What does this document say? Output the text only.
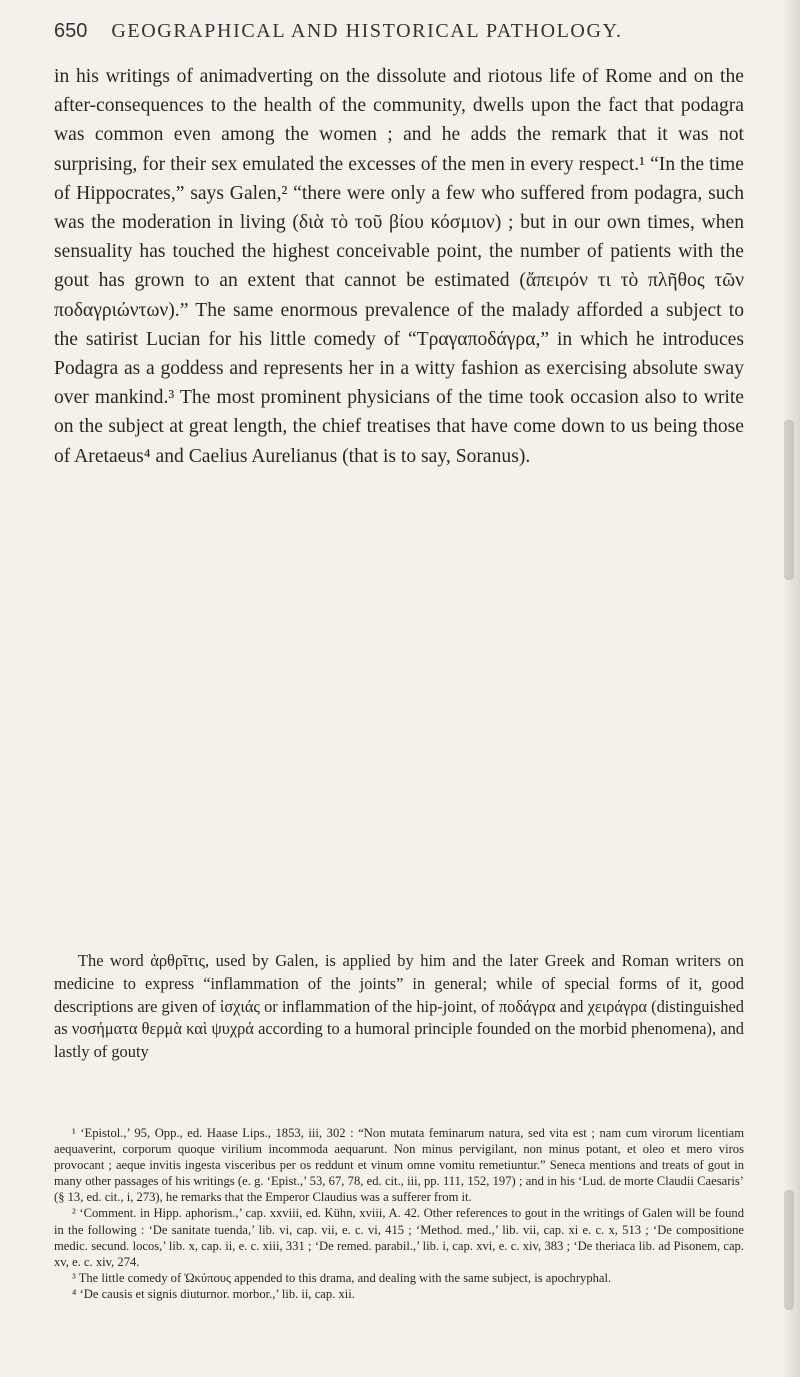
650 GEOGRAPHICAL AND HISTORICAL PATHOLOGY.

in his writings of animadverting on the dissolute and riotous life of Rome and on the after-consequences to the health of the community, dwells upon the fact that podagra was common even among the women ; and he adds the remark that it was not surprising, for their sex emulated the excesses of the men in every respect.¹ “In the time of Hippocrates,” says Galen,² “there were only a few who suffered from podagra, such was the moderation in living (διὰ τὸ τοῦ βίου κόσμιον) ; but in our own times, when sensuality has touched the highest conceivable point, the number of patients with the gout has grown to an extent that cannot be estimated (ἄπειρόν τι τὸ πλῆθος τῶν ποδαγριώντων).” The same enormous prevalence of the malady afforded a subject to the satirist Lucian for his little comedy of “Τραγαποδάγρα,” in which he introduces Podagra as a goddess and represents her in a witty fashion as exercising absolute sway over mankind.³ The most prominent physicians of the time took occasion also to write on the subject at great length, the chief treatises that have come down to us being those of Aretaeus⁴ and Caelius Aurelianus (that is to say, Soranus).

The word ἀρθρῖτις, used by Galen, is applied by him and the later Greek and Roman writers on medicine to express “inflammation of the joints” in general; while of special forms of it, good descriptions are given of ἰσχιάς or inflammation of the hip-joint, of ποδάγρα and χειράγρα (distinguished as νοσήματα θερμὰ καὶ ψυχρά according to a humoral principle founded on the morbid phenomena), and lastly of gouty

¹ ‘Epistol.,’ 95, Opp., ed. Haase Lips., 1853, iii, 302 : “Non mutata feminarum natura, sed vita est ; nam cum virorum licentiam aequaverint, corporum quoque virilium incommoda aequarunt. Non minus pervigilant, non minus potant, et oleo et mero viros provocant ; aeque invitis ingesta visceribus per os reddunt et vinum omne vomitu remetiuntur.” Seneca mentions and treats of gout in many other passages of his writings (e. g. ‘Epist.,’ 53, 67, 78, ed. cit., iii, pp. 111, 152, 197) ; and in his ‘Lud. de morte Claudii Caesaris’ (§ 13, ed. cit., i, 273), he remarks that the Emperor Claudius was a sufferer from it.

² ‘Comment. in Hipp. aphorism.,’ cap. xxviii, ed. Kühn, xviii, A. 42. Other references to gout in the writings of Galen will be found in the following : ‘De sanitate tuenda,’ lib. vi, cap. vii, e. c. vi, 415 ; ‘Method. med.,’ lib. vii, cap. xi e. c. x, 513 ; ‘De compositione medic. secund. locos,’ lib. x, cap. ii, e. c. xiii, 331 ; ‘De remed. parabil.,’ lib. i, cap. xvi, e. c. xiv, 383 ; ‘De theriaca lib. ad Pisonem, cap. xv, e. c. xiv, 274.

³ The little comedy of Ὠκύπους appended to this drama, and dealing with the same subject, is apochryphal.

⁴ ‘De causis et signis diuturnor. morbor.,’ lib. ii, cap. xii.
